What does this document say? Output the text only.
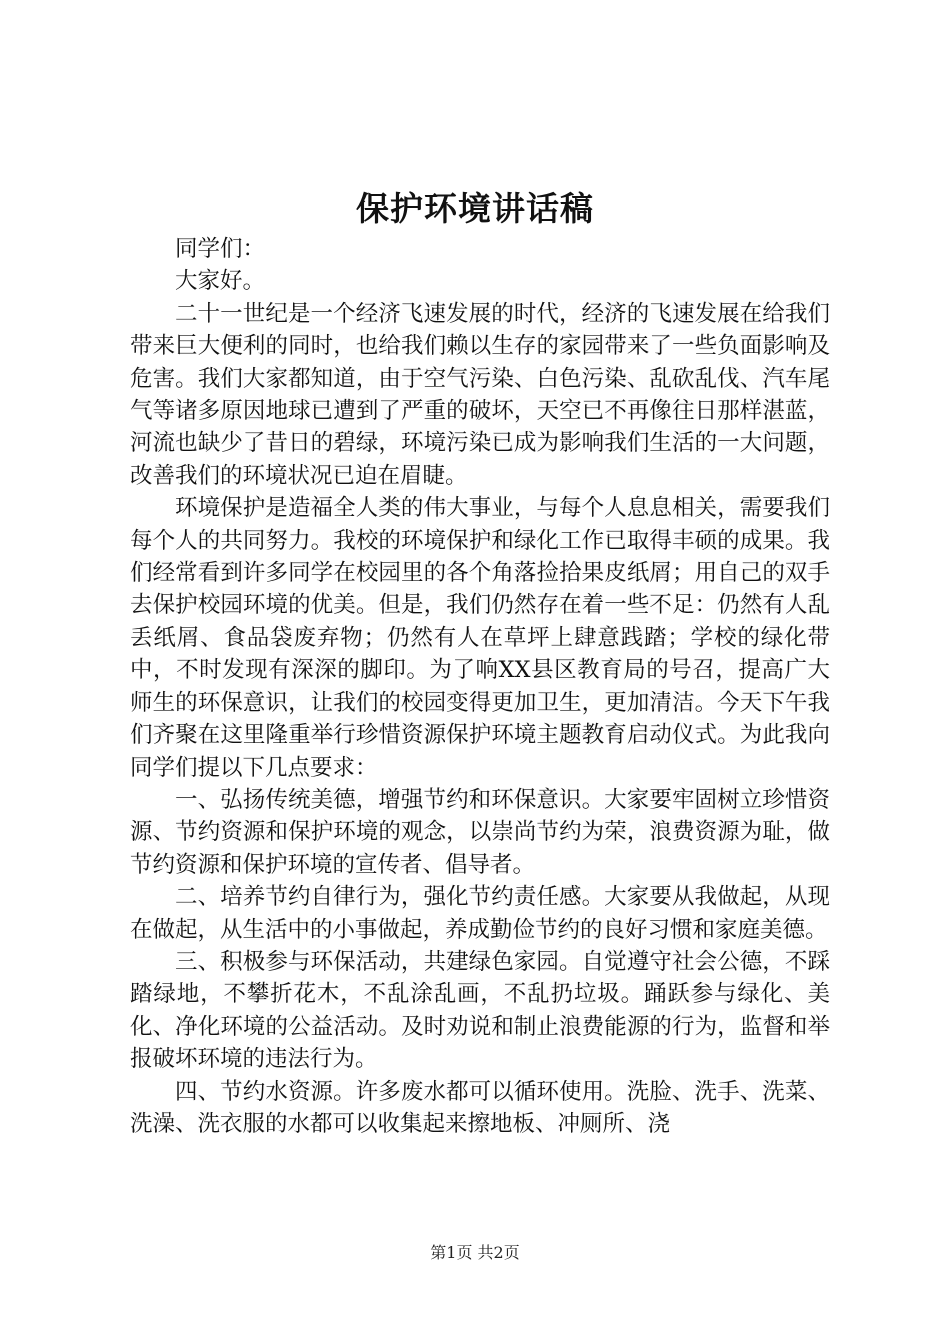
保护环境讲话稿

同学们：

大家好。

二十一世纪是一个经济飞速发展的时代，经济的飞速发展在给我们带来巨大便利的同时，也给我们赖以生存的家园带来了一些负面影响及危害。我们大家都知道，由于空气污染、白色污染、乱砍乱伐、汽车尾气等诸多原因地球已遭到了严重的破坏，天空已不再像往日那样湛蓝，河流也缺少了昔日的碧绿，环境污染已成为影响我们生活的一大问题，改善我们的环境状况已迫在眉睫。

环境保护是造福全人类的伟大事业，与每个人息息相关，需要我们每个人的共同努力。我校的环境保护和绿化工作已取得丰硕的成果。我们经常看到许多同学在校园里的各个角落捡拾果皮纸屑；用自己的双手去保护校园环境的优美。但是，我们仍然存在着一些不足：仍然有人乱丢纸屑、食品袋废弃物；仍然有人在草坪上肆意践踏；学校的绿化带中，不时发现有深深的脚印。为了响XX县区教育局的号召，提高广大师生的环保意识，让我们的校园变得更加卫生，更加清洁。今天下午我们齐聚在这里隆重举行珍惜资源保护环境主题教育启动仪式。为此我向同学们提以下几点要求：

一、弘扬传统美德，增强节约和环保意识。大家要牢固树立珍惜资源、节约资源和保护环境的观念，以崇尚节约为荣，浪费资源为耻，做节约资源和保护环境的宣传者、倡导者。

二、培养节约自律行为，强化节约责任感。大家要从我做起，从现在做起，从生活中的小事做起，养成勤俭节约的良好习惯和家庭美德。

三、积极参与环保活动，共建绿色家园。自觉遵守社会公德，不踩踏绿地，不攀折花木，不乱涂乱画，不乱扔垃圾。踊跃参与绿化、美化、净化环境的公益活动。及时劝说和制止浪费能源的行为，监督和举报破坏环境的违法行为。

四、节约水资源。许多废水都可以循环使用。洗脸、洗手、洗菜、洗澡、洗衣服的水都可以收集起来擦地板、冲厕所、浇

第1页 共2页
